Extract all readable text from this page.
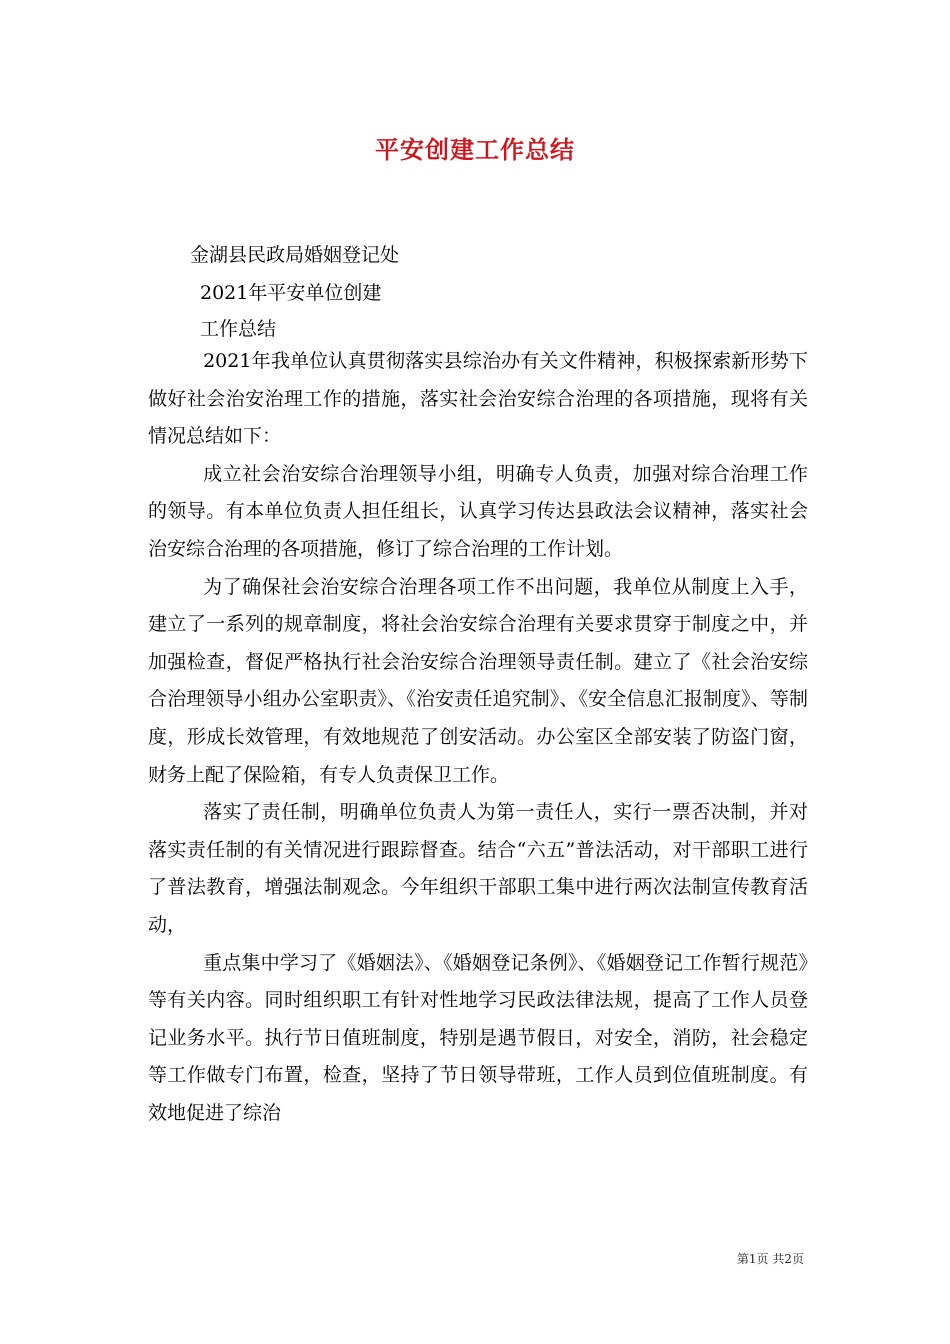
平安创建工作总结
金湖县民政局婚姻登记处
2021年平安单位创建
工作总结

2021年我单位认真贯彻落实县综治办有关文件精神，积极探索新形势下做好社会治安治理工作的措施，落实社会治安综合治理的各项措施，现将有关情况总结如下：

成立社会治安综合治理领导小组，明确专人负责，加强对综合治理工作的领导。有本单位负责人担任组长，认真学习传达县政法会议精神，落实社会治安综合治理的各项措施，修订了综合治理的工作计划。

为了确保社会治安综合治理各项工作不出问题，我单位从制度上入手，建立了一系列的规章制度，将社会治安综合治理有关要求贯穿于制度之中，并加强检查，督促严格执行社会治安综合治理领导责任制。建立了《社会治安综合治理领导小组办公室职责》、《治安责任追究制》、《安全信息汇报制度》、等制度，形成长效管理，有效地规范了创安活动。办公室区全部安装了防盗门窗，财务上配了保险箱，有专人负责保卫工作。

落实了责任制，明确单位负责人为第一责任人，实行一票否决制，并对落实责任制的有关情况进行跟踪督查。结合“六五”普法活动，对干部职工进行了普法教育，增强法制观念。今年组织干部职工集中进行两次法制宣传教育活动，

重点集中学习了《婚姻法》、《婚姻登记条例》、《婚姻登记工作暂行规范》等有关内容。同时组织职工有针对性地学习民政法律法规，提高了工作人员登记业务水平。执行节日值班制度，特别是遇节假日，对安全，消防，社会稳定等工作做专门布置，检查，坚持了节日领导带班，工作人员到位值班制度。有效地促进了综治

第1页 共2页
